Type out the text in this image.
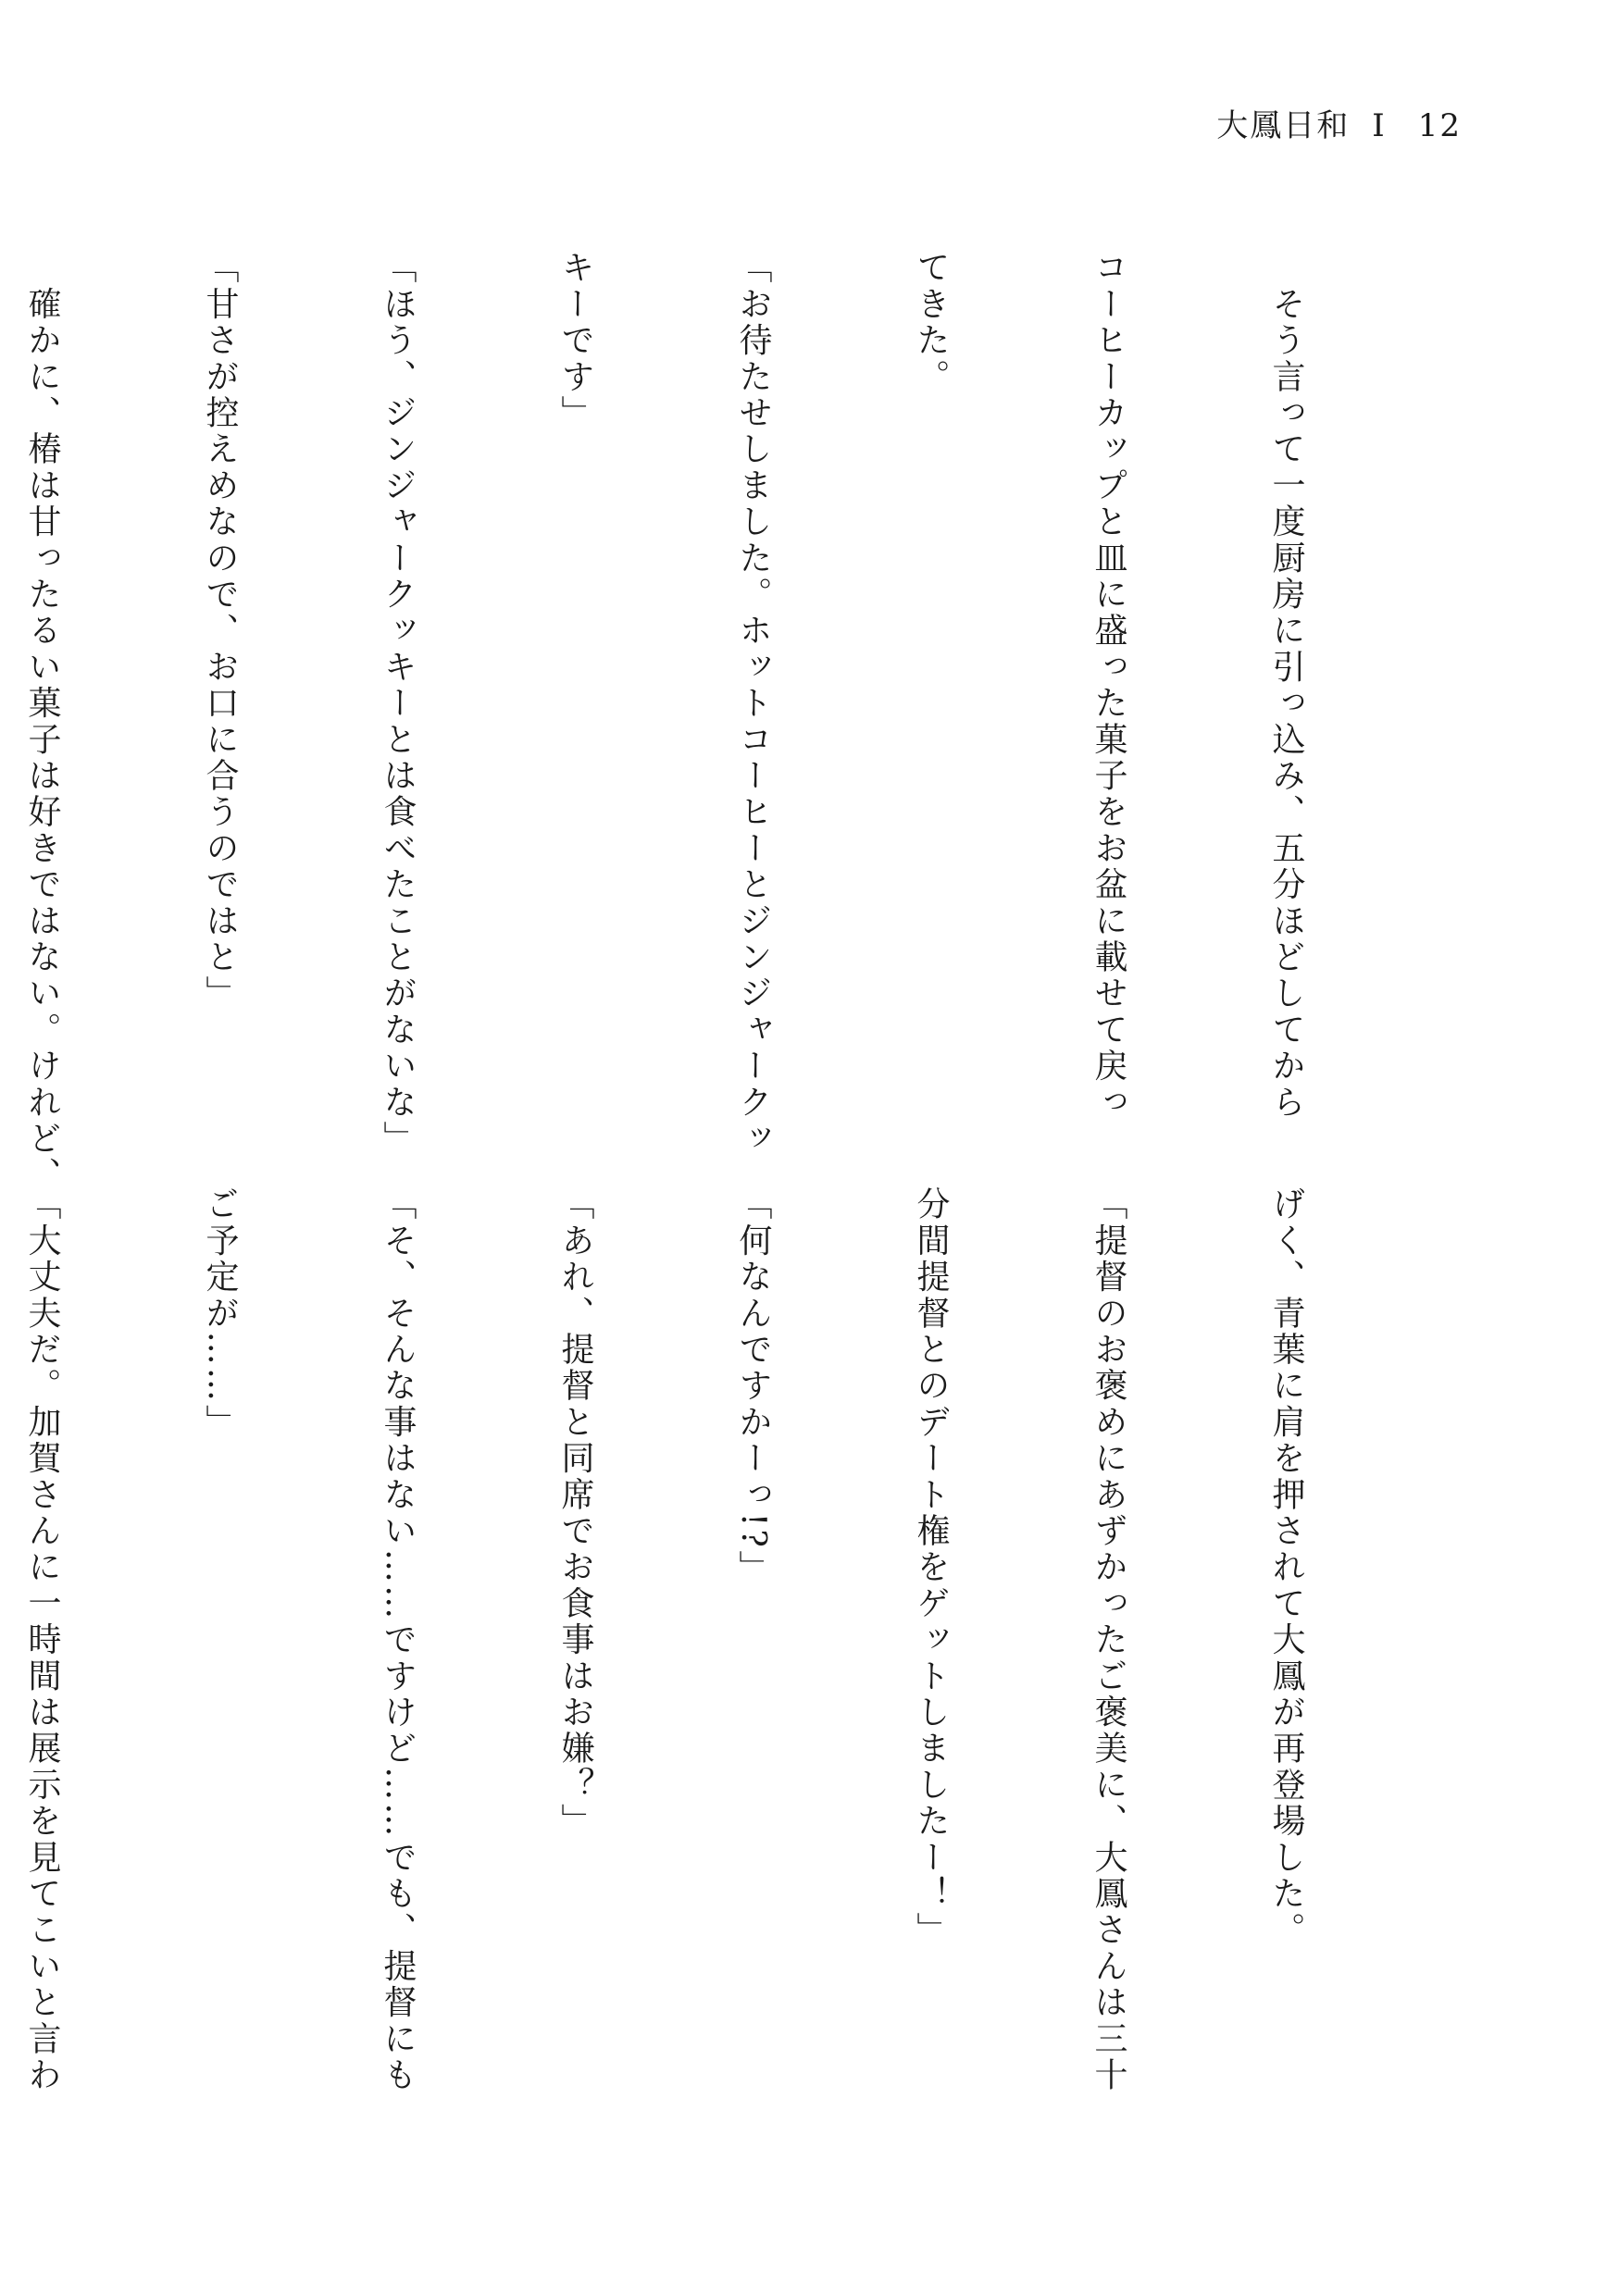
大鳳日和 Ⅰ 12

　そう言って一度厨房に引っ込み、五分ほどしてから

コーヒーカップと皿に盛った菓子をお盆に載せて戻っ

てきた。

「お待たせしました。ホットコーヒーとジンジャークッ

キーです」

「ほう、ジンジャークッキーとは食べたことがないな」

「甘さが控えめなので、お口に合うのではと」

　確かに、椿は甘ったるい菓子は好きではない。けれど、

げく、青葉に肩を押されて大鳳が再登場した。

「提督のお褒めにあずかったご褒美に、大鳳さんは三十

分間提督とのデート権をゲットしましたー！」

「何なんですかーっ!?」

「あれ、提督と同席でお食事はお嫌？」

「そ、そんな事はない……ですけど……でも、提督にも

ご予定が……」

「大丈夫だ。加賀さんに一時間は展示を見てこいと言わ
